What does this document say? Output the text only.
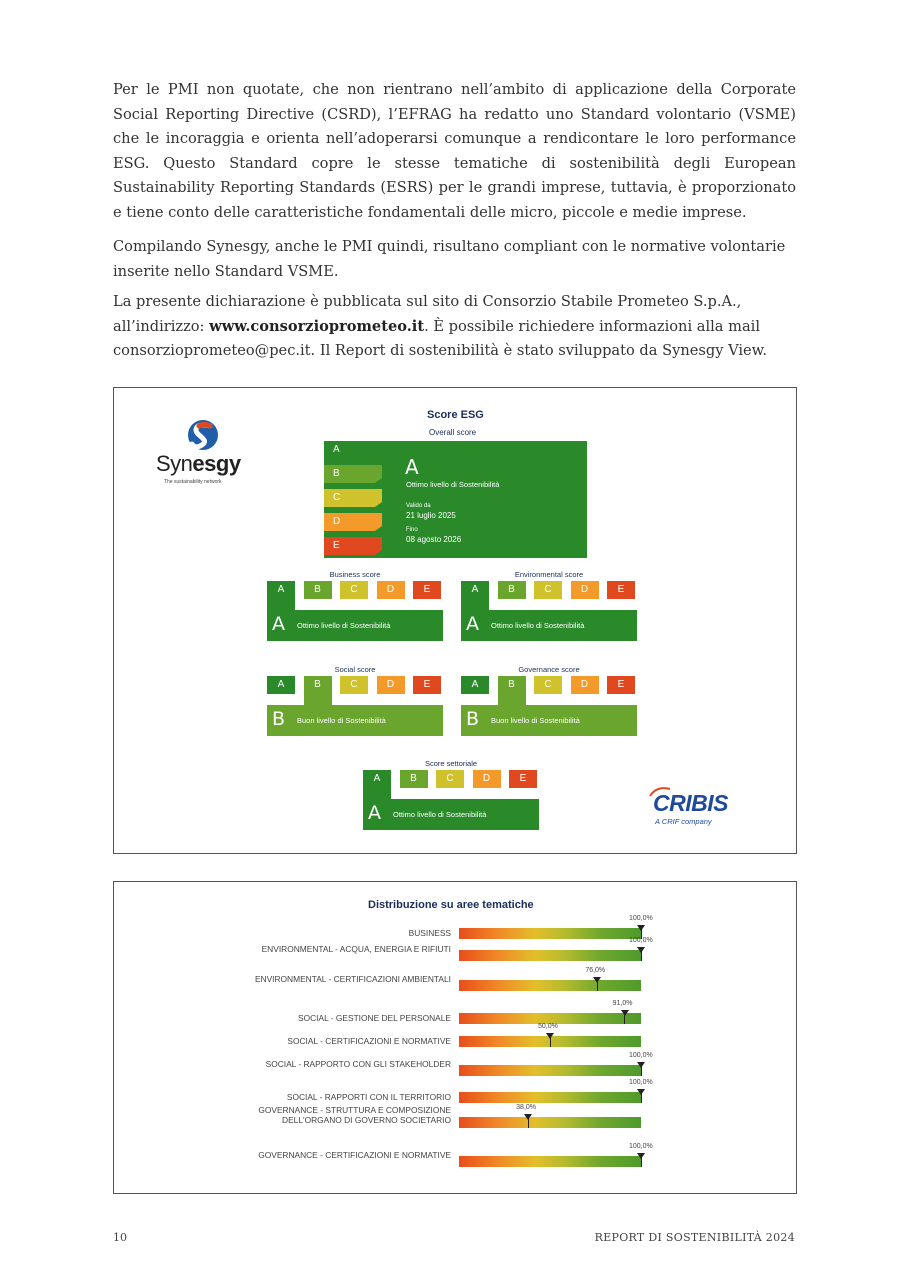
Per le PMI non quotate, che non rientrano nell’ambito di applicazione della Corporate Social Reporting Directive (CSRD), l’EFRAG ha redatto uno Standard volontario (VSME) che le incoraggia e orienta nell’adoperarsi comunque a rendicontare le loro performance ESG. Questo Standard copre le stesse tematiche di sostenibilità degli European Sustainability Reporting Standards (ESRS) per le grandi imprese, tuttavia, è proporzionato e tiene conto delle caratteristiche fondamentali delle micro, piccole e medie imprese.

Compilando Synesgy, anche le PMI quindi, risultano compliant con le normative volontarie inserite nello Standard VSME.

La presente dichiarazione è pubblicata sul sito di Consorzio Stabile Prometeo S.p.A., all’indirizzo: www.consorzioprometeo.it. È possibile richiedere informazioni alla mail consorzioprometeo@pec.it. Il Report di sostenibilità è stato sviluppato da Synesgy View.

Synesgy
The sustainability network
Score ESG
Overall score
A
B
C
D
E
A
Ottimo livello di Sostenibilità
Valido da
21 luglio 2025
Fino
08 agosto 2026
Business score
A	B	C	D	E
A Ottimo livello di Sostenibilità
Environmental score
A	B	C	D	E
A Ottimo livello di Sostenibilità
Social score
A	B	C	D	E
B Buon livello di Sostenibilità
Governance score
A	B	C	D	E
B Buon livello di Sostenibilità
Score settoriale
A	B	C	D	E
A Ottimo livello di Sostenibilità	CRIBIS
A CRIF company
Distribuzione su aree tematiche
BUSINESS
100,0%
ENVIRONMENTAL - ACQUA, ENERGIA E RIFIUTI
100,0%
ENVIRONMENTAL - CERTIFICAZIONI AMBIENTALI
76,0%
SOCIAL - GESTIONE DEL PERSONALE
91,0%
SOCIAL - CERTIFICAZIONI E NORMATIVE
50,0%
SOCIAL - RAPPORTO CON GLI STAKEHOLDER
100,0%
SOCIAL - RAPPORTI CON IL TERRITORIO
100,0%
GOVERNANCE - STRUTTURA E COMPOSIZIONE DELL'ORGANO DI GOVERNO SOCIETARIO
38,0%
GOVERNANCE - CERTIFICAZIONI E NORMATIVE
100,0%
10	REPORT DI SOSTENIBILITÀ 2024
